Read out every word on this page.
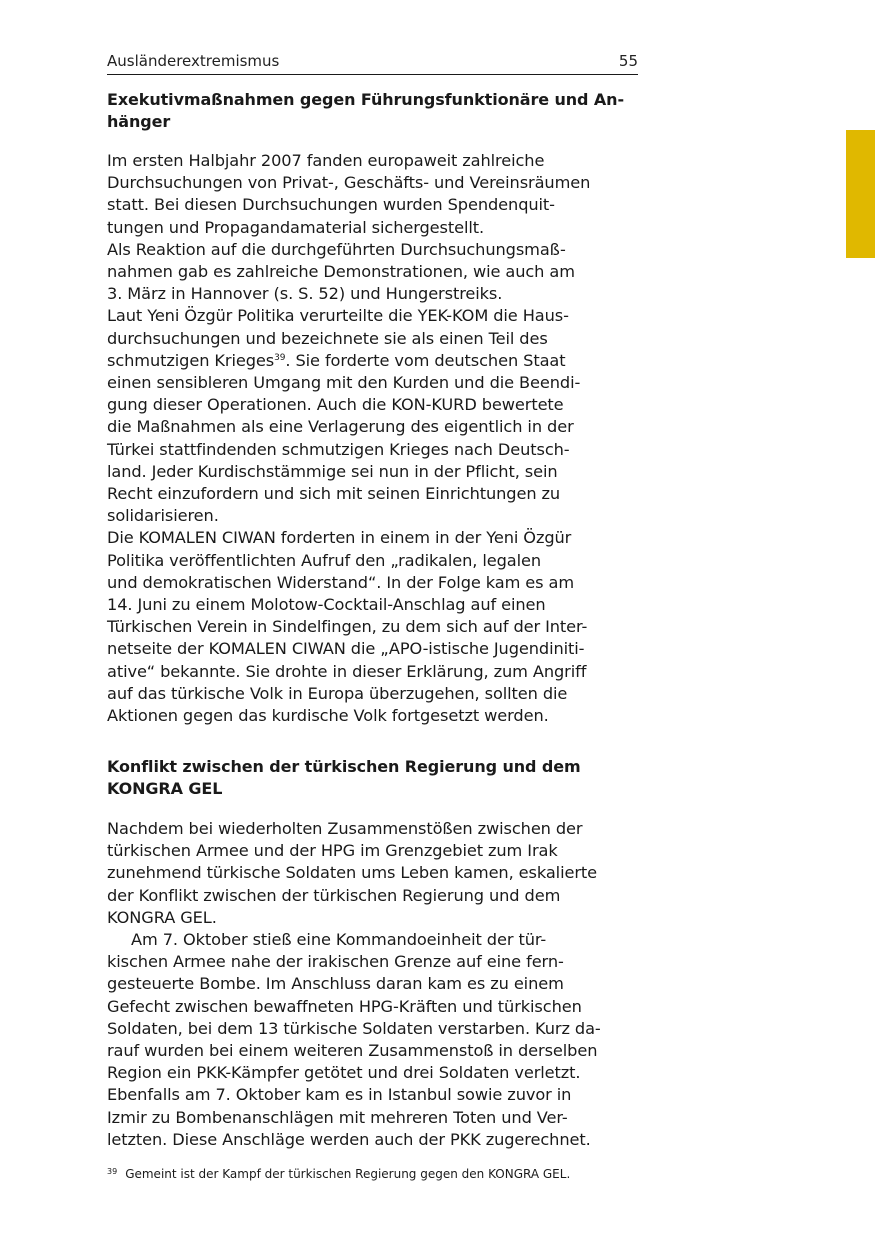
Ausländerextremismus	55
Exekutivmaßnahmen gegen Führungsfunktionäre und An-
hänger
Im ersten Halbjahr 2007 fanden europaweit zahlreiche
Durchsuchungen von Privat-, Geschäfts- und Vereinsräumen
statt. Bei diesen Durchsuchungen wurden Spendenquit-
tungen und Propagandamaterial sichergestellt.
Als Reaktion auf die durchgeführten Durchsuchungsmaß-
nahmen gab es zahlreiche Demonstrationen, wie auch am
3. März in Hannover (s. S. 52) und Hungerstreiks.
Laut Yeni Özgür Politika verurteilte die YEK-KOM die Haus-
durchsuchungen und bezeichnete sie als einen Teil des
schmutzigen Krieges$^{39}$. Sie forderte vom deutschen Staat
einen sensibleren Umgang mit den Kurden und die Beendi-
gung dieser Operationen. Auch die KON-KURD bewertete
die Maßnahmen als eine Verlagerung des eigentlich in der
Türkei stattfindenden schmutzigen Krieges nach Deutsch-
land. Jeder Kurdischstämmige sei nun in der Pflicht, sein
Recht einzufordern und sich mit seinen Einrichtungen zu
solidarisieren.
Die KOMALEN CIWAN forderten in einem in der Yeni Özgür
Politika veröffentlichten Aufruf den „radikalen, legalen
und demokratischen Widerstand“. In der Folge kam es am
14. Juni zu einem Molotow-Cocktail-Anschlag auf einen
Türkischen Verein in Sindelfingen, zu dem sich auf der Inter-
netseite der KOMALEN CIWAN die „APO-istische Jugendiniti-
ative“ bekannte. Sie drohte in dieser Erklärung, zum Angriff
auf das türkische Volk in Europa überzugehen, sollten die
Aktionen gegen das kurdische Volk fortgesetzt werden.
Konflikt zwischen der türkischen Regierung und dem
KONGRA GEL
Nachdem bei wiederholten Zusammenstößen zwischen der
türkischen Armee und der HPG im Grenzgebiet zum Irak
zunehmend türkische Soldaten ums Leben kamen, eskalierte
der Konflikt zwischen der türkischen Regierung und dem
KONGRA GEL.
Am 7. Oktober stieß eine Kommandoeinheit der tür-
kischen Armee nahe der irakischen Grenze auf eine fern-
gesteuerte Bombe. Im Anschluss daran kam es zu einem
Gefecht zwischen bewaffneten HPG-Kräften und türkischen
Soldaten, bei dem 13 türkische Soldaten verstarben. Kurz da-
rauf wurden bei einem weiteren Zusammenstoß in derselben
Region ein PKK-Kämpfer getötet und drei Soldaten verletzt.
Ebenfalls am 7. Oktober kam es in Istanbul sowie zuvor in
Izmir zu Bombenanschlägen mit mehreren Toten und Ver-
letzten. Diese Anschläge werden auch der PKK zugerechnet.
$^{39}$ Gemeint ist der Kampf der türkischen Regierung gegen den KONGRA GEL.
